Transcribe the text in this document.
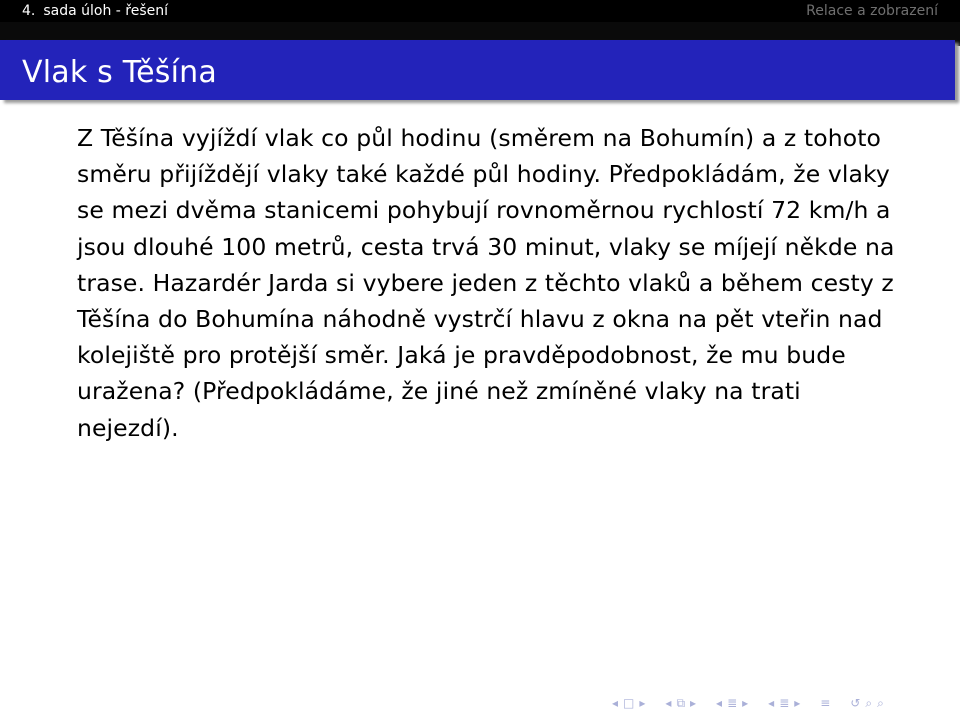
4. sada úloh - řešení	Relace a zobrazení
Vlak s Těšína

Z Těšína vyjíždí vlak co půl hodinu (směrem na Bohumín) a z tohoto směru přijíždějí vlaky také každé půl hodiny. Předpokládám, že vlaky se mezi dvěma stanicemi pohybují rovnoměrnou rychlostí 72 km/h a jsou dlouhé 100 metrů, cesta trvá 30 minut, vlaky se míjejí někde na trase. Hazardér Jarda si vybere jeden z těchto vlaků a během cesty z Těšína do Bohumína náhodně vystrčí hlavu z okna na pět vteřin nad kolejiště pro protější směr. Jaká je pravděpodobnost, že mu bude uražena? (Předpokládáme, že jiné než zmíněné vlaky na trati nejezdí).

◂ □ ▸ ◂ ⧉ ▸ ◂ ≣ ▸ ◂ ≣ ▸ ≡ ↺ ⌕ ⌕
